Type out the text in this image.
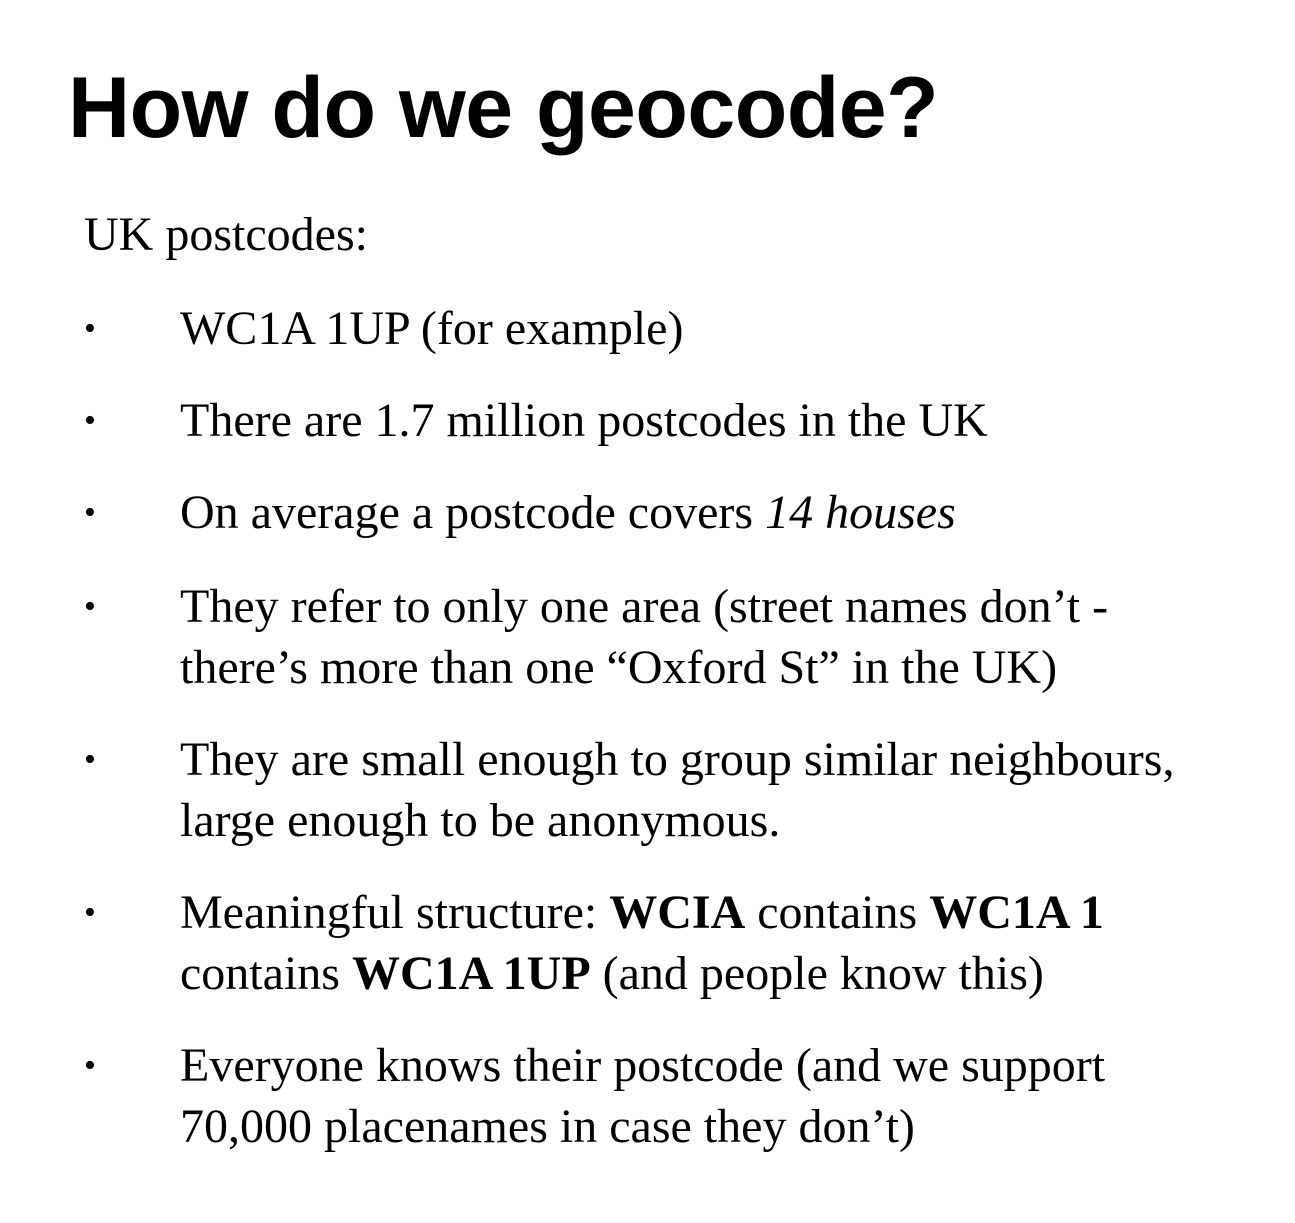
How do we geocode?

UK postcodes:

• WC1A 1UP (for example)
• There are 1.7 million postcodes in the UK
• On average a postcode covers 14 houses
• They refer to only one area (street names don’t -
there’s more than one “Oxford St” in the UK)
• They are small enough to group similar neighbours,
large enough to be anonymous.
• Meaningful structure: WCIA contains WC1A 1
contains WC1A 1UP (and people know this)
• Everyone knows their postcode (and we support
70,000 placenames in case they don’t)
